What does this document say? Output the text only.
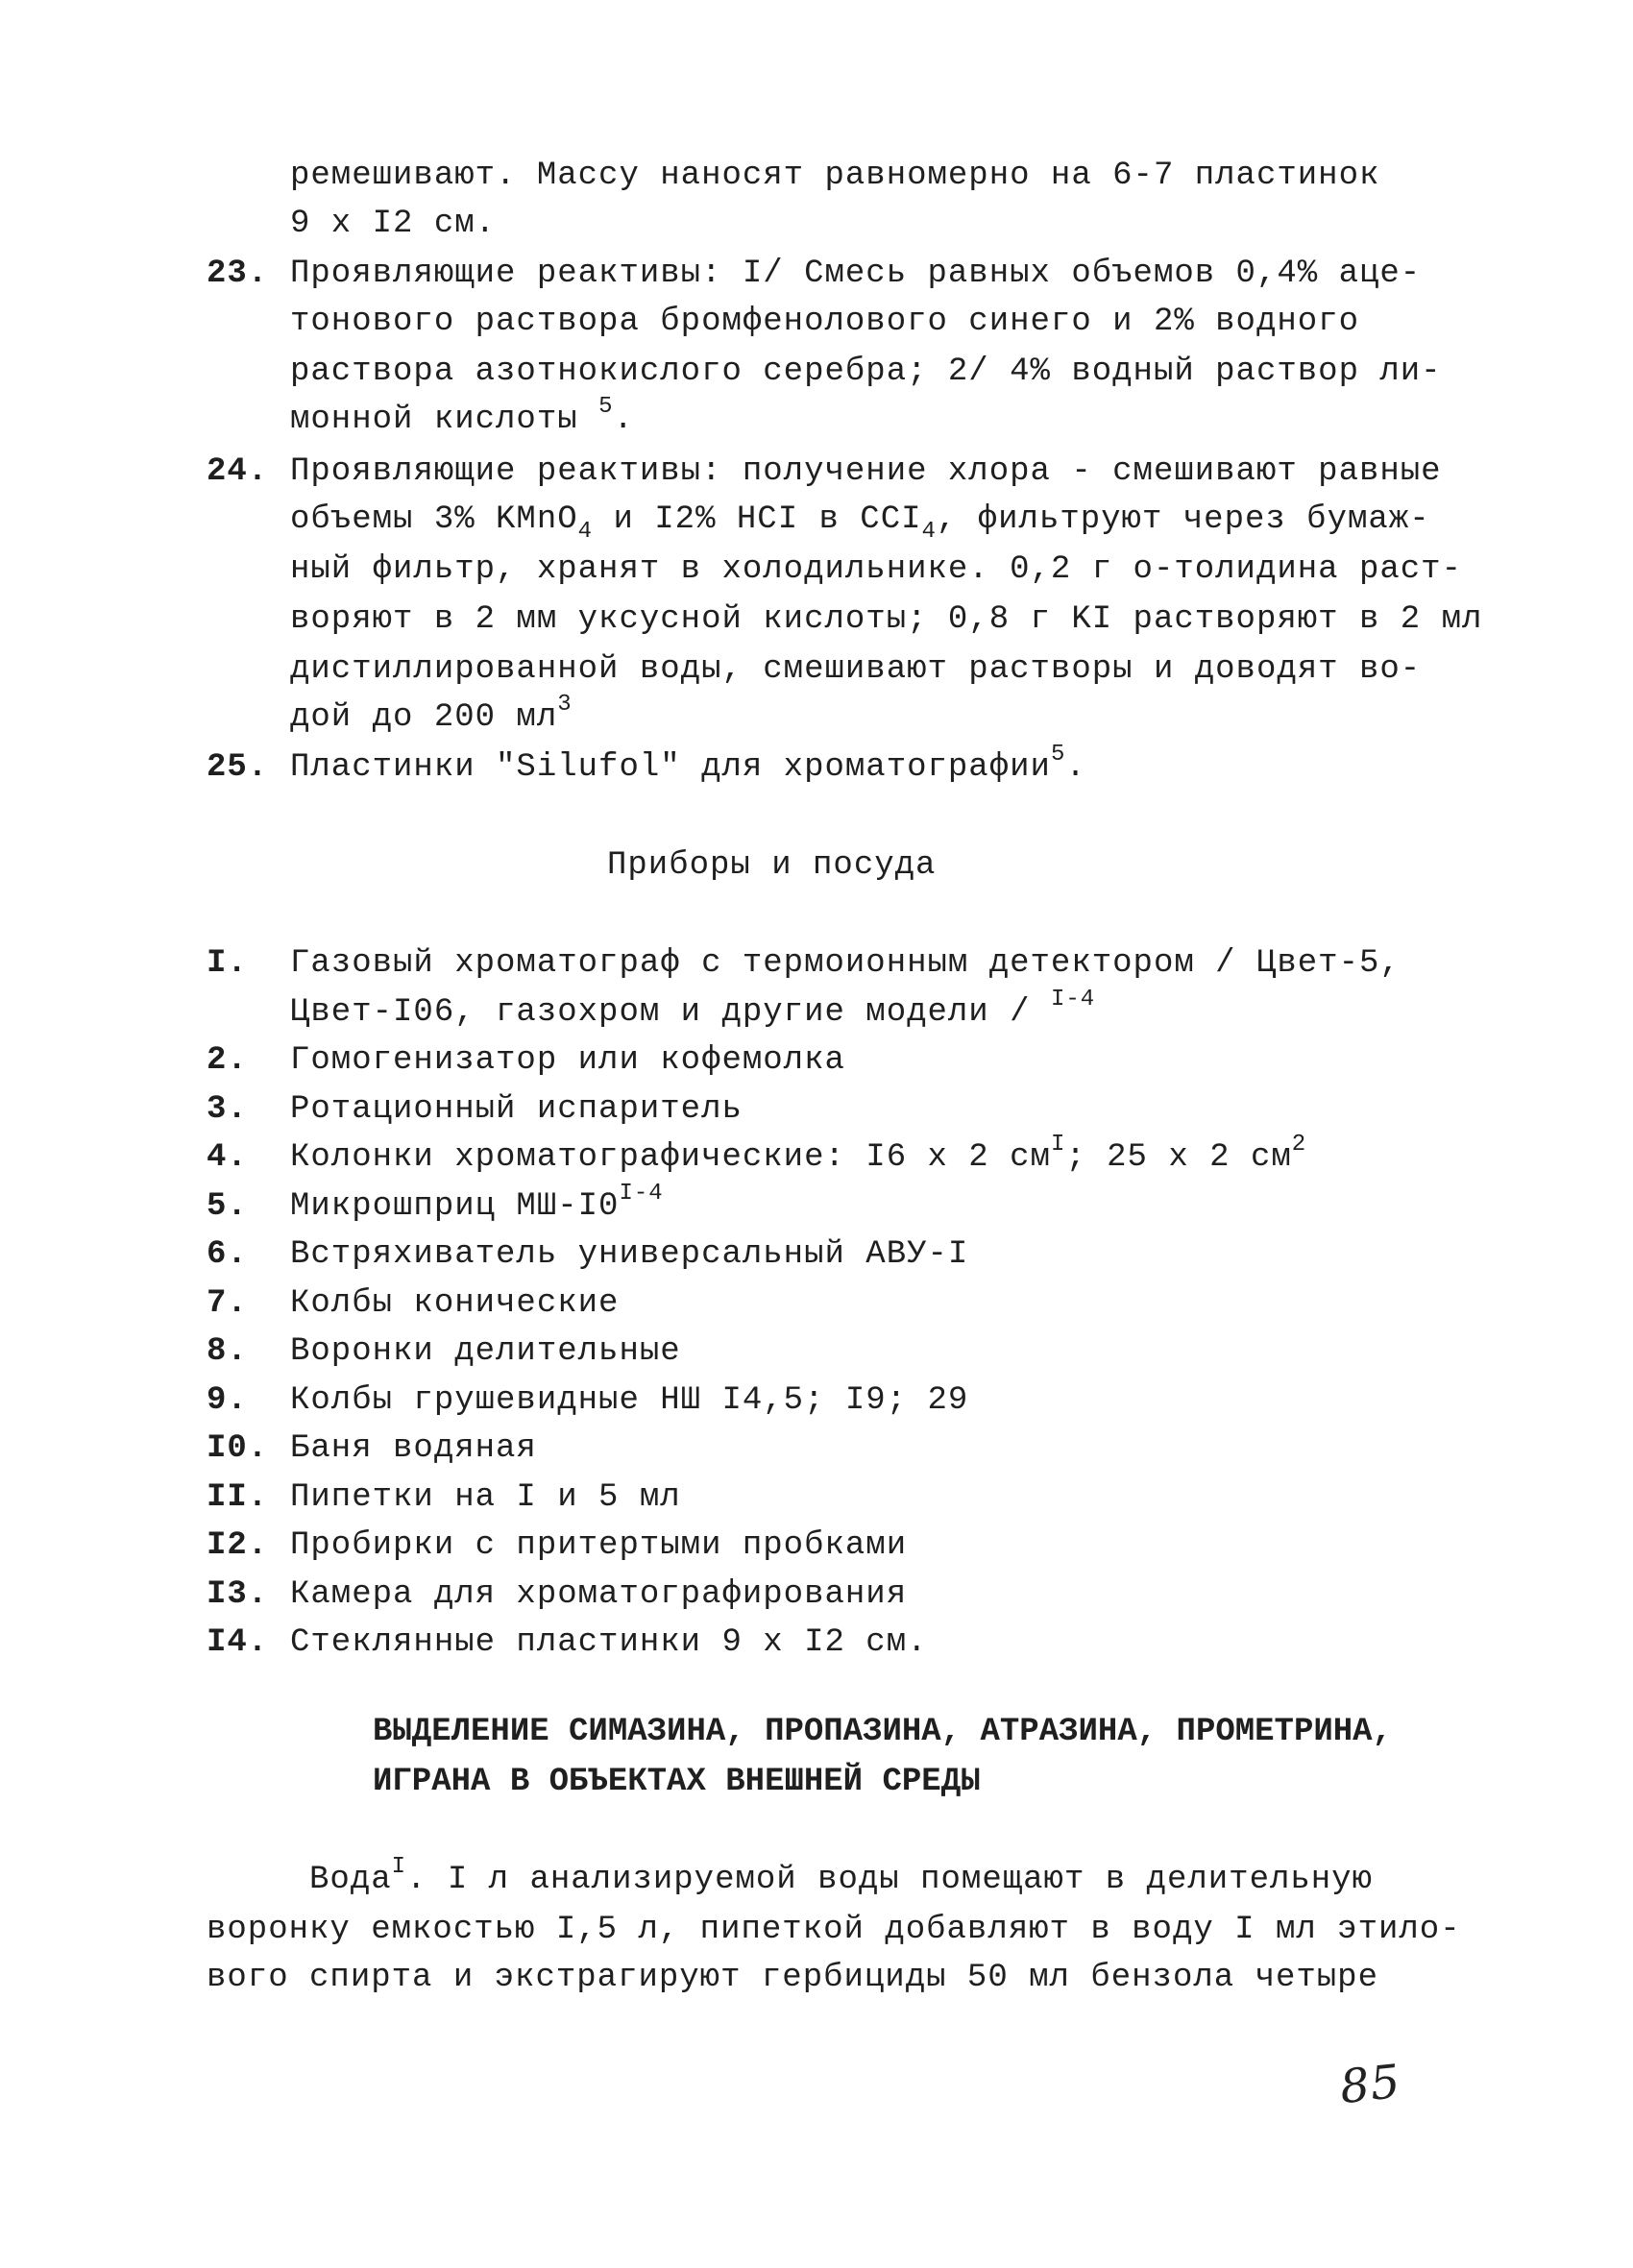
ремешивают. Массу наносят равномерно на 6-7 пластинок

9 x I2 см.

23.

Проявляющие реактивы: I/ Смесь равных объемов 0,4% аце-

тонового раствора бромфенолового синего и 2% водного

раствора азотнокислого серебра; 2/ 4% водный раствор ли-

монной кислоты $^5$.

24.

Проявляющие реактивы: получение хлора - смешивают равные

объемы 3% KMnO$_4$ и I2% HCI в $CCI_4$, фильтруют через бумаж-

ный фильтр, хранят в холодильнике. 0,2 г о-толидина раст-

воряют в 2 мм уксусной кислоты; 0,8 г KI растворяют в 2 мл

дистиллированной воды, смешивают растворы и доводят во-

дой до 200 $мл^3$

25.

Пластинки "Silufol" для хроматографии$^5$.

Приборы и посуда

I. Газовый хроматограф с термоионным детектором / Цвет-5,
Цвет-I06, газохром и другие модели / $^{I-4}$
2. Гомогенизатор или кофемолка
3. Ротационный испаритель
4. Колонки хроматографические: I6 x 2 $см^I$; 25 x 2 $см^2$
5. Микрошприц $МШ-I0^{I-4}$
6. Встряхиватель универсальный АВУ-I
7. Колбы конические
8. Воронки делительные
9. Колбы грушевидные НШ I4,5; I9; 29
I0. Баня водяная
II. Пипетки на I и 5 мл
I2. Пробирки с притертыми пробками
I3. Камера для хроматографирования
I4. Стеклянные пластинки 9 x I2 см.

ВЫДЕЛЕНИЕ СИМАЗИНА, ПРОПАЗИНА, АТРАЗИНА, ПРОМЕТРИНА,

ИГРАНА В ОБЪЕКТАХ ВНЕШНЕЙ СРЕДЫ

Вода$^I$. I л анализируемой воды помещают в делительную

воронку емкостью I,5 л, пипеткой добавляют в воду I мл этило-

вого спирта и экстрагируют гербициды 50 мл бензола четыре

85
